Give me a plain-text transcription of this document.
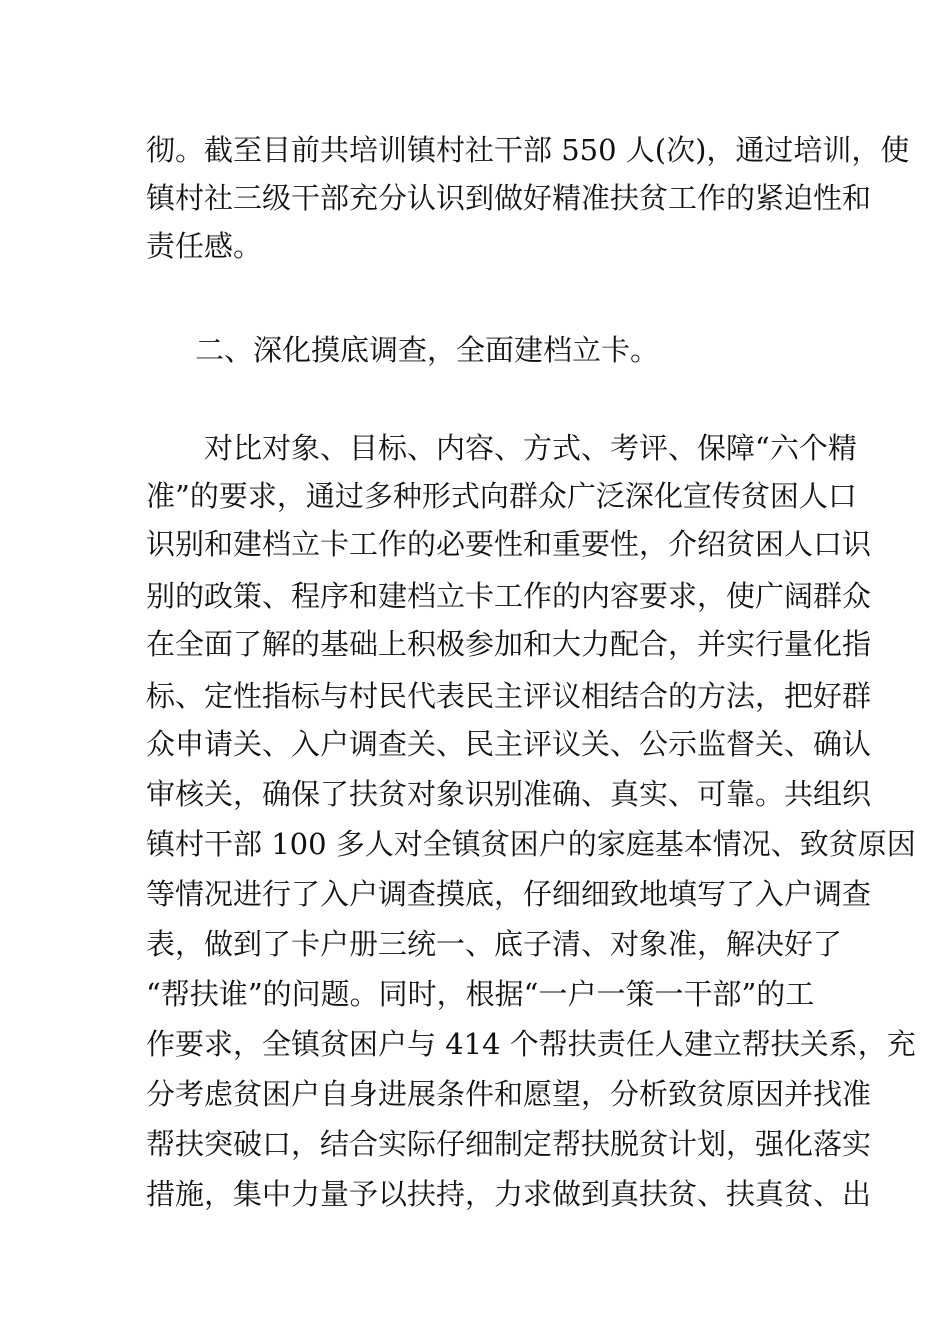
彻。截至目前共培训镇村社干部 550 人(次)，通过培训，使
镇村社三级干部充分认识到做好精准扶贫工作的紧迫性和
责任感。
二、深化摸底调查，全面建档立卡。
对比对象、目标、内容、方式、考评、保障“六个精
准”的要求，通过多种形式向群众广泛深化宣传贫困人口
识别和建档立卡工作的必要性和重要性，介绍贫困人口识
别的政策、程序和建档立卡工作的内容要求，使广阔群众
在全面了解的基础上积极参加和大力配合，并实行量化指
标、定性指标与村民代表民主评议相结合的方法，把好群
众申请关、入户调查关、民主评议关、公示监督关、确认
审核关，确保了扶贫对象识别准确、真实、可靠。共组织
镇村干部 100 多人对全镇贫困户的家庭基本情况、致贫原因
等情况进行了入户调查摸底，仔细细致地填写了入户调查
表，做到了卡户册三统一、底子清、对象准，解决好了
“帮扶谁”的问题。同时，根据“一户一策一干部”的工
作要求，全镇贫困户与 414 个帮扶责任人建立帮扶关系，充
分考虑贫困户自身进展条件和愿望，分析致贫原因并找准
帮扶突破口，结合实际仔细制定帮扶脱贫计划，强化落实
措施，集中力量予以扶持，力求做到真扶贫、扶真贫、出
